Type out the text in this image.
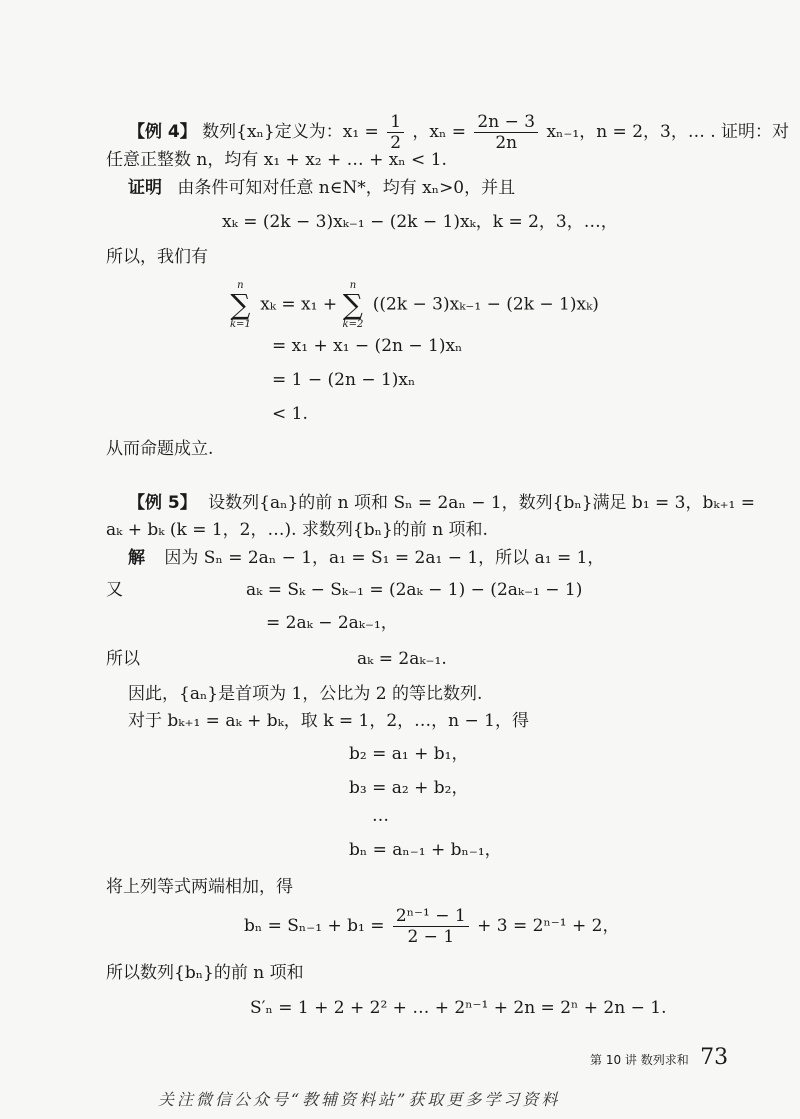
【例 4】 数列{xₙ}定义为：$x_1 = \frac{1}{2}$ ，$x_n = \frac{2n - 3}{2n} x_{n-1}$，n = 2，3，… . 证明：对
任意正整数 n，均有 x₁ + x₂ + … + xₙ < 1.
证明 由条件可知对任意 n∈N*，均有 xₙ>0，并且
xₖ = (2k − 3)xₖ₋₁ − (2k − 1)xₖ，k = 2，3，…，
所以，我们有
n
∑
k=1
xₖ = x₁ +
n
∑
k=2
((2k − 3)xₖ₋₁ − (2k − 1)xₖ)
= x₁ + x₁ − (2n − 1)xₙ
= 1 − (2n − 1)xₙ
< 1.
从而命题成立.
【例 5】 设数列{aₙ}的前 n 项和 Sₙ = 2aₙ − 1，数列{bₙ}满足 b₁ = 3，bₖ₊₁ =
aₖ + bₖ (k = 1，2，…). 求数列{bₙ}的前 n 项和.
解 因为 Sₙ = 2aₙ − 1，a₁ = S₁ = 2a₁ − 1，所以 a₁ = 1，
又	aₖ = Sₖ − Sₖ₋₁ = (2aₖ − 1) − (2aₖ₋₁ − 1)
= 2aₖ − 2aₖ₋₁，
所以	aₖ = 2aₖ₋₁.
因此，{aₙ}是首项为 1，公比为 2 的等比数列.
对于 bₖ₊₁ = aₖ + bₖ，取 k = 1，2，…，n − 1，得
b₂ = a₁ + b₁，
b₃ = a₂ + b₂，
…
bₙ = aₙ₋₁ + bₙ₋₁，
将上列等式两端相加，得
$b_n = S_{n-1} + b_1 = \frac{\text{2ⁿ⁻¹ − 1}}{2 - 1} + 3 = 2^{n-1} + 2$，
所以数列{bₙ}的前 n 项和
S′ₙ = 1 + 2 + 2² + … + 2ⁿ⁻¹ + 2n = 2ⁿ + 2n − 1.
第 10 讲 数列求和 73
关注微信公众号“教辅资料站”获取更多学习资料
